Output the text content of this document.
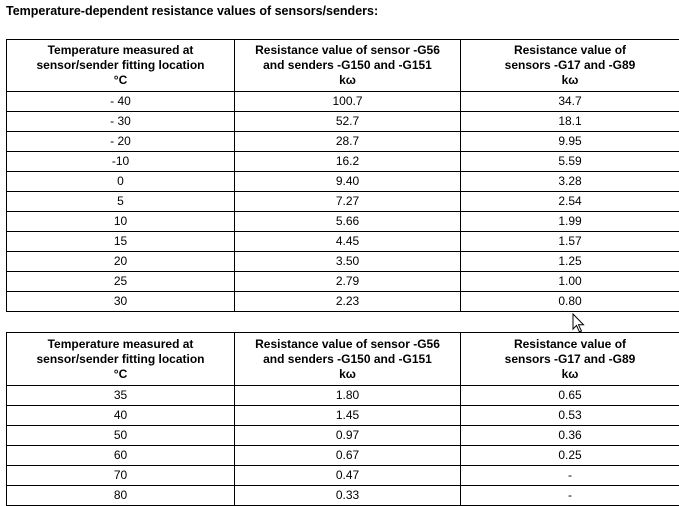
Temperature-dependent resistance values of sensors/senders:
Temperature measured at
sensor/sender fitting location
°C	Resistance value of sensor -G56
and senders -G150 and -G151
kω	Resistance value of
sensors -G17 and -G89
kω
- 40	100.7	34.7
- 30	52.7	18.1
- 20	28.7	9.95
-10	16.2	5.59
0	9.40	3.28
5	7.27	2.54
10	5.66	1.99
15	4.45	1.57
20	3.50	1.25
25	2.79	1.00
30	2.23	0.80
Temperature measured at
sensor/sender fitting location
°C	Resistance value of sensor -G56
and senders -G150 and -G151
kω	Resistance value of
sensors -G17 and -G89
kω
35	1.80	0.65
40	1.45	0.53
50	0.97	0.36
60	0.67	0.25
70	0.47	-
80	0.33	-
